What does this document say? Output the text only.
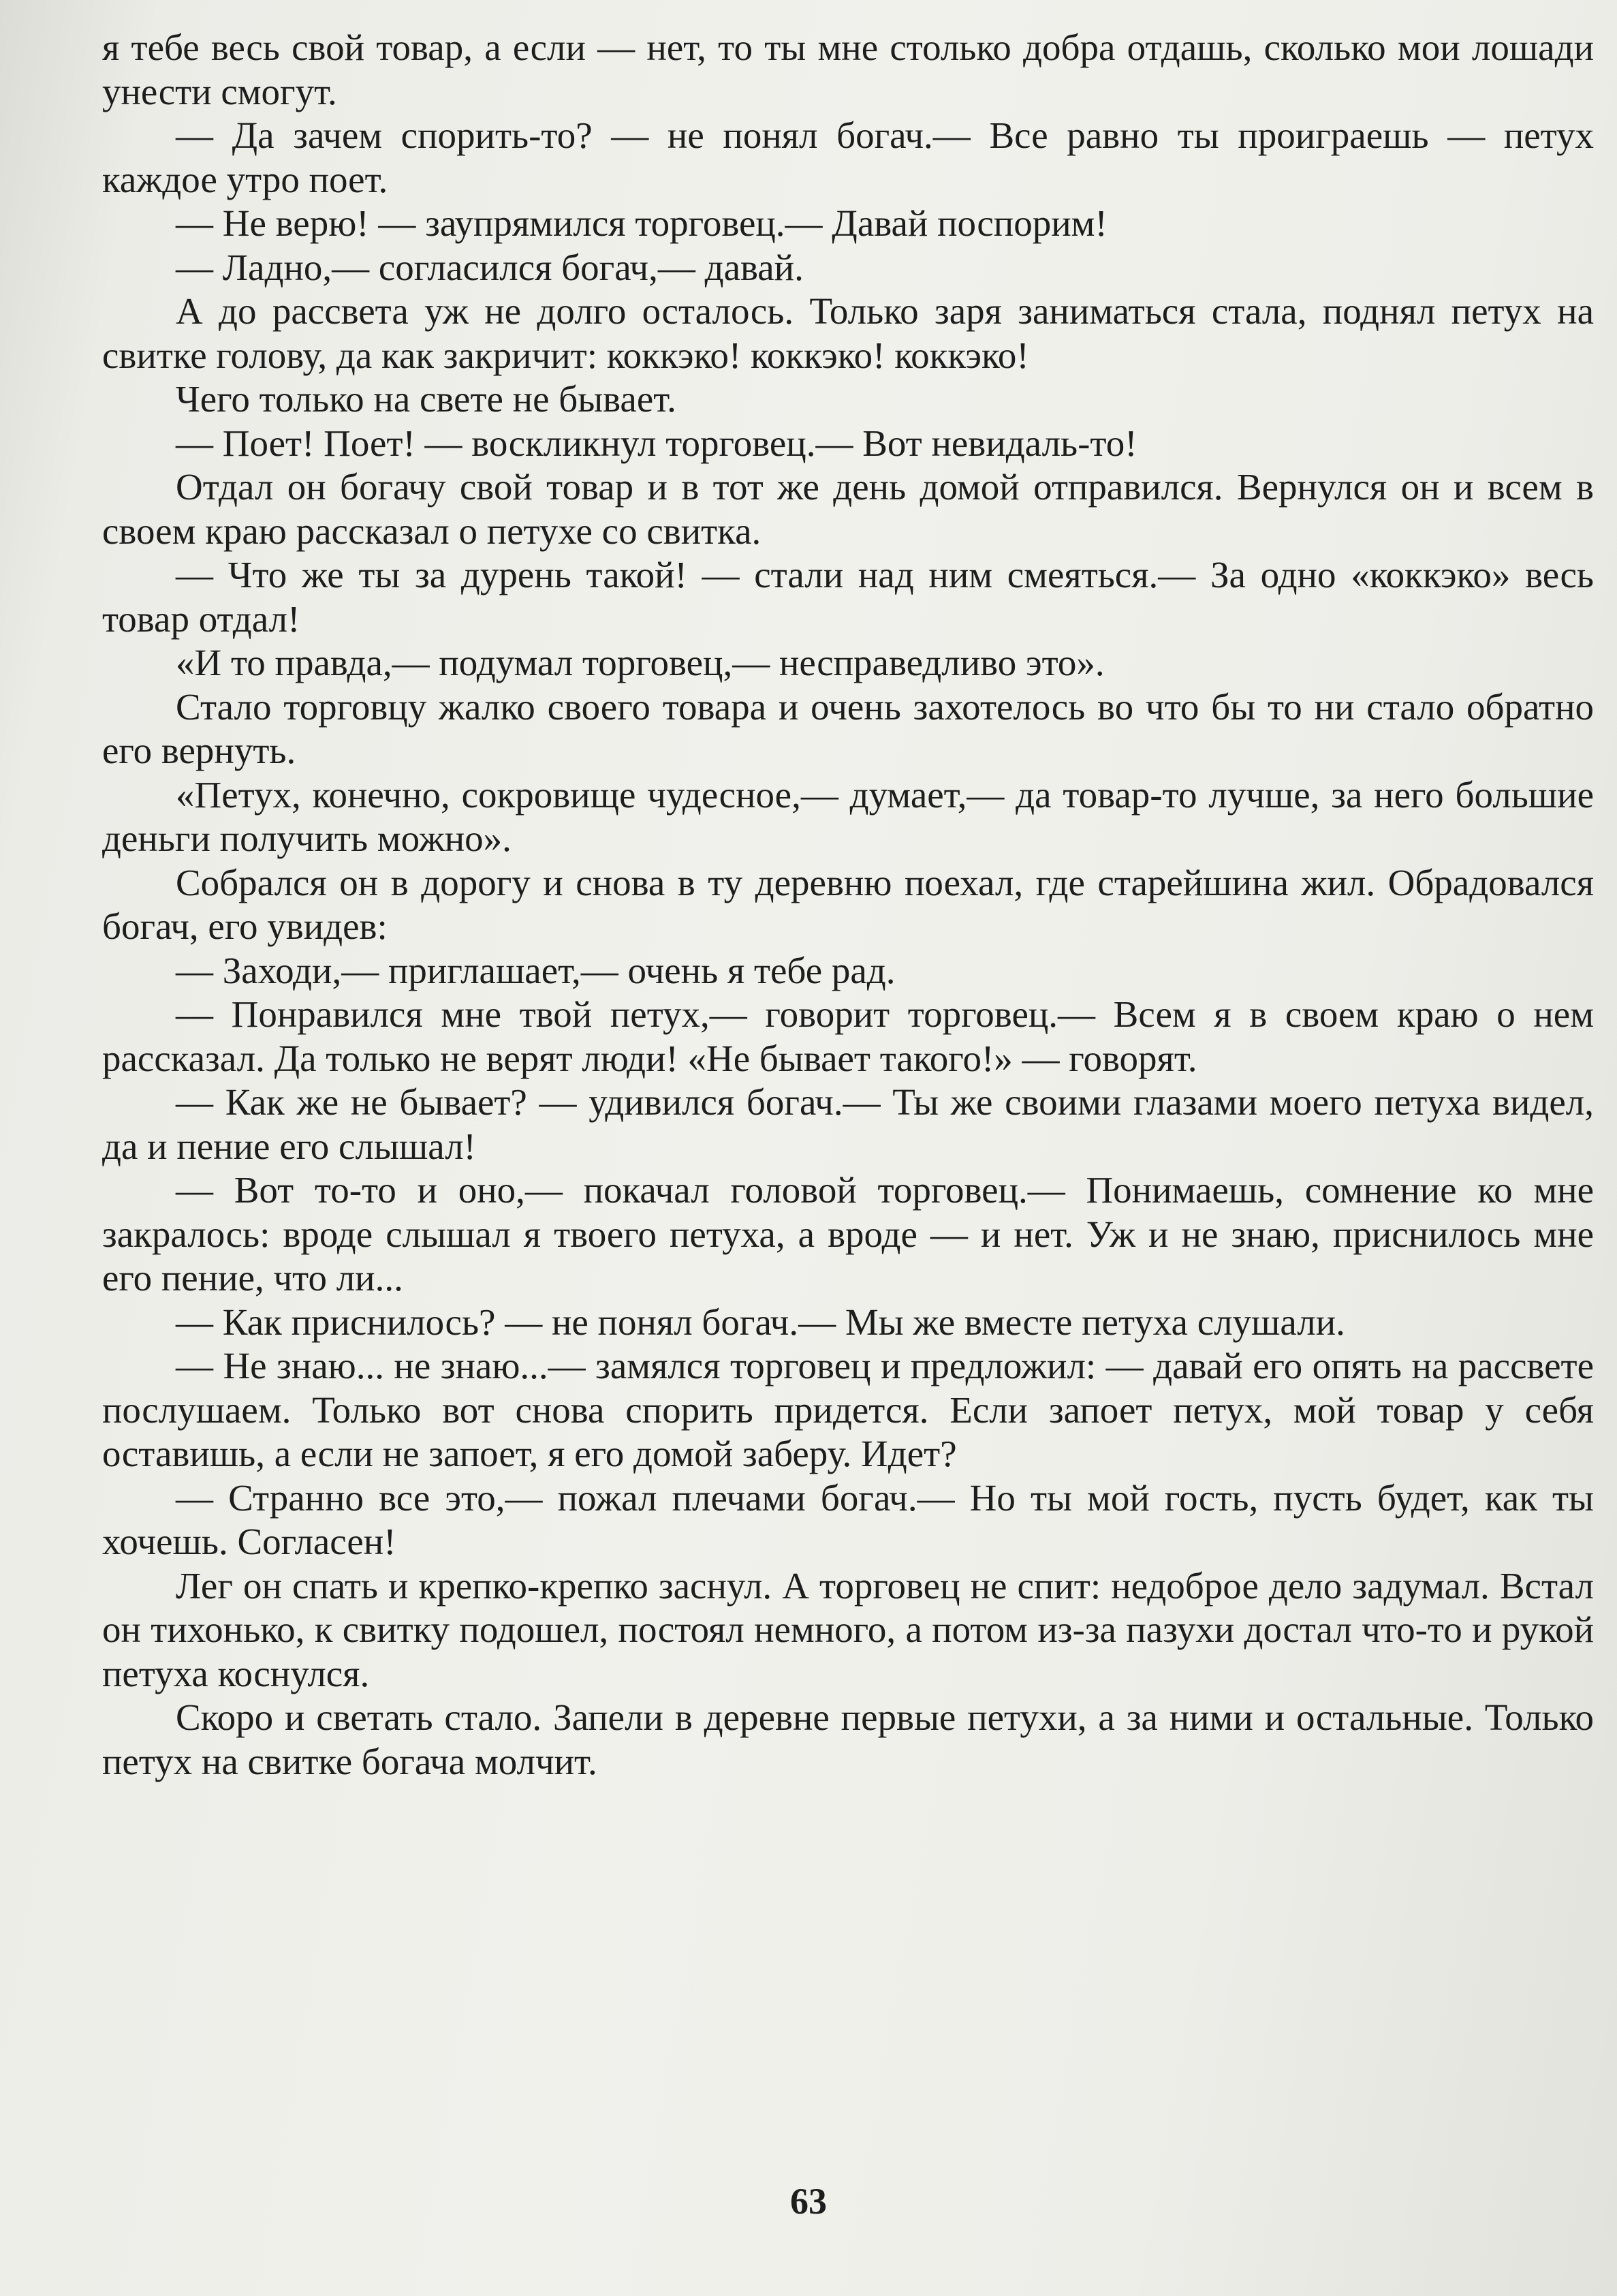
я тебе весь свой товар, а если — нет, то ты мне столько добра отдашь, сколько мои лошади унести смогут.

— Да зачем спорить-то? — не понял богач.— Все равно ты проиграешь — петух каждое утро поет.

— Не верю! — заупрямился торговец.— Давай поспорим!

— Ладно,— согласился богач,— давай.

А до рассвета уж не долго осталось. Только заря заниматься стала, поднял петух на свитке голову, да как закричит: коккэко! коккэко! коккэко!

Чего только на свете не бывает.

— Поет! Поет! — воскликнул торговец.— Вот невидаль-то!

Отдал он богачу свой товар и в тот же день домой отправился. Вернулся он и всем в своем краю рассказал о петухе со свитка.

— Что же ты за дурень такой! — стали над ним смеяться.— За одно «коккэко» весь товар отдал!

«И то правда,— подумал торговец,— несправедливо это».

Стало торговцу жалко своего товара и очень захотелось во что бы то ни стало обратно его вернуть.

«Петух, конечно, сокровище чудесное,— думает,— да товар-то лучше, за него большие деньги получить можно».

Собрался он в дорогу и снова в ту деревню поехал, где старейшина жил. Обрадовался богач, его увидев:

— Заходи,— приглашает,— очень я тебе рад.

— Понравился мне твой петух,— говорит торговец.— Всем я в своем краю о нем рассказал. Да только не верят люди! «Не бывает такого!» — говорят.

— Как же не бывает? — удивился богач.— Ты же своими глазами моего петуха видел, да и пение его слышал!

— Вот то-то и оно,— покачал головой торговец.— Понимаешь, сомнение ко мне закралось: вроде слышал я твоего петуха, а вроде — и нет. Уж и не знаю, приснилось мне его пение, что ли...

— Как приснилось? — не понял богач.— Мы же вместе петуха слушали.

— Не знаю... не знаю...— замялся торговец и предложил: — давай его опять на рассвете послушаем. Только вот снова спорить придется. Если запоет петух, мой товар у себя оставишь, а если не запоет, я его домой заберу. Идет?

— Странно все это,— пожал плечами богач.— Но ты мой гость, пусть будет, как ты хочешь. Согласен!

Лег он спать и крепко-крепко заснул. А торговец не спит: недоброе дело задумал. Встал он тихонько, к свитку подошел, постоял немного, а потом из-за пазухи достал что-то и рукой петуха коснулся.

Скоро и светать стало. Запели в деревне первые петухи, а за ними и остальные. Только петух на свитке богача молчит.

63
